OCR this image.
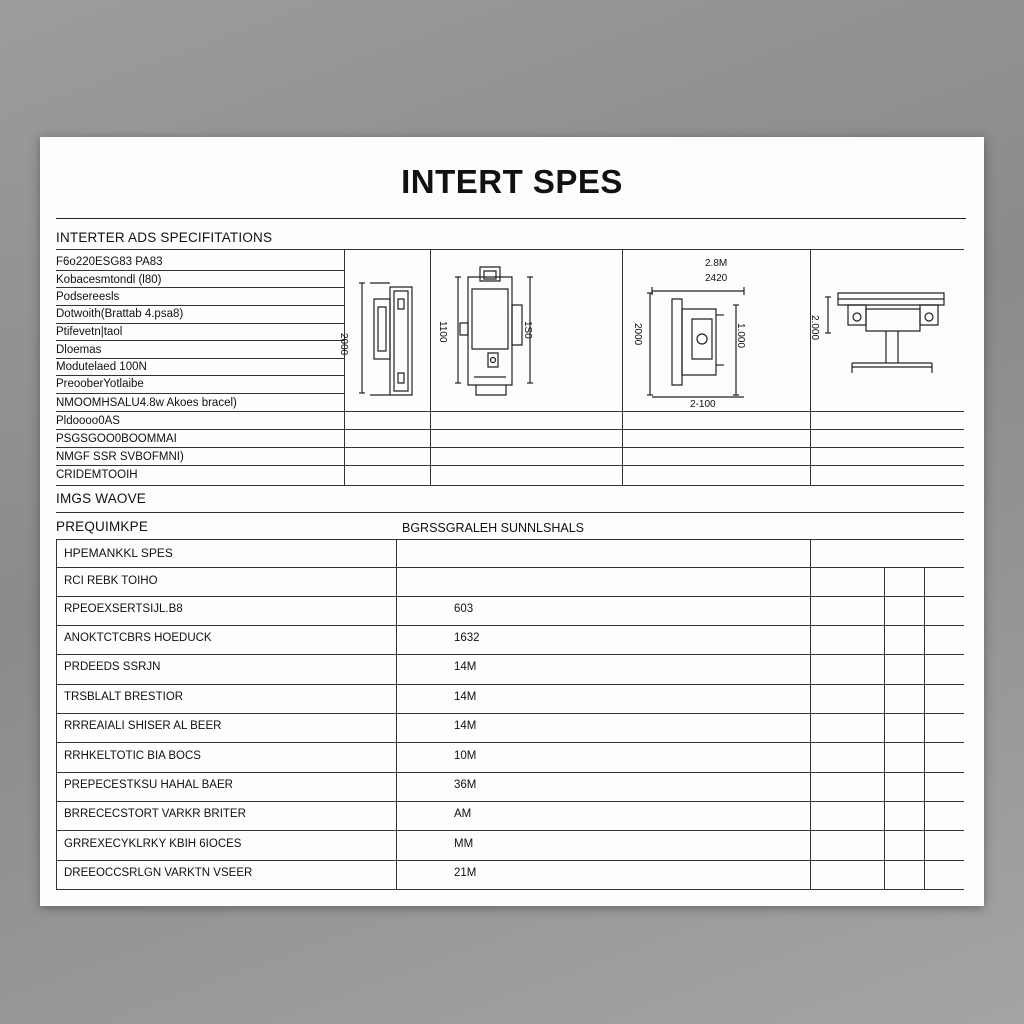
INTERT SPES
INTERTER ADS SPECIFITATIONS
F6o220ESG83 PA83
Kobacesmtondl (l80)
Podsereesls
Dotwoith(Brattab 4.psa8)
Ptifevetn|taol
Dloemas
Modutelaed 100N
PreooberYotlaibe
NMOOMHSALU4.8w Akoes bracel)
Pldoooo0AS
PSGSGOO0BOOMMAI
NMGF SSR SVBOFMNI)
CRIDEMTOOIH
2000
1100	1S0
2.8M
2420
2000	1.000
2-100
2.000
IMGS WAOVE
PREQUIMKPE	BGRSSGRALEH SUNNLSHALS
HPEMANKKL SPES
RCI REBK TOIHO
RPEOEXSERTSIJL.B8	603
ANOKTCTCBRS HOEDUCK	1632
PRDEEDS SSRJN	14M
TRSBLALT BRESTIOR	14M
RRREAIALI SHISER AL BEER	14M
RRHKELTOTIC BIA BOCS	10M
PREPECESTKSU HAHAL BAER	36M
BRRECECSTORT VARKR BRITER	AM
GRREXECYKLRKY KBIH 6IOCES	MM
DREEOCCSRLGN VARKTN VSEER	21M
